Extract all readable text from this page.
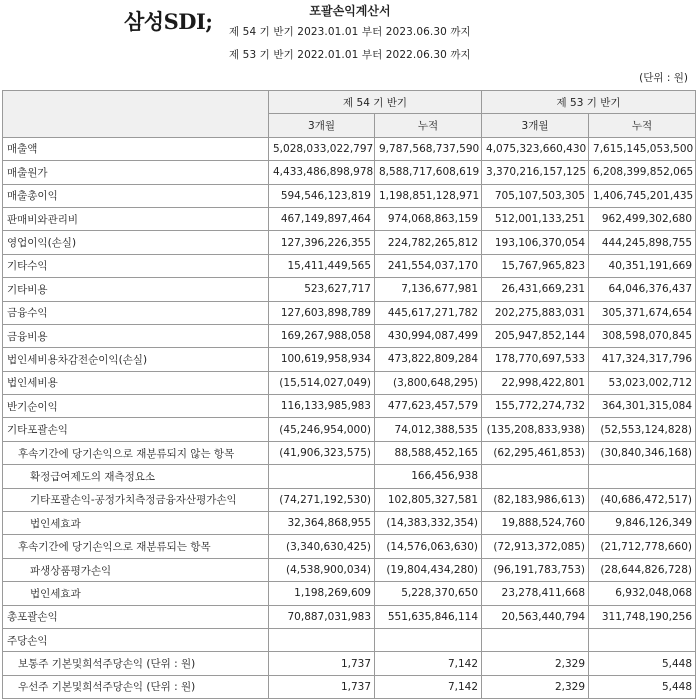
삼성SDI;	포괄손익계산서
제 54 기 반기 2023.01.01 부터 2023.06.30 까지
제 53 기 반기 2022.01.01 부터 2022.06.30 까지
(단위 : 원)
	제 54 기 반기		제 53 기 반기	
	3개월	누적	3개월	누적
매출액	5,028,033,022,797	9,787,568,737,590	4,075,323,660,430	7,615,145,053,500
매출원가	4,433,486,898,978	8,588,717,608,619	3,370,216,157,125	6,208,399,852,065
매출총이익	594,546,123,819	1,198,851,128,971	705,107,503,305	1,406,745,201,435
판매비와관리비	467,149,897,464	974,068,863,159	512,001,133,251	962,499,302,680
영업이익(손실)	127,396,226,355	224,782,265,812	193,106,370,054	444,245,898,755
기타수익	15,411,449,565	241,554,037,170	15,767,965,823	40,351,191,669
기타비용	523,627,717	7,136,677,981	26,431,669,231	64,046,376,437
금융수익	127,603,898,789	445,617,271,782	202,275,883,031	305,371,674,654
금융비용	169,267,988,058	430,994,087,499	205,947,852,144	308,598,070,845
법인세비용차감전순이익(손실)	100,619,958,934	473,822,809,284	178,770,697,533	417,324,317,796
법인세비용	(15,514,027,049)	(3,800,648,295)	22,998,422,801	53,023,002,712
반기순이익	116,133,985,983	477,623,457,579	155,772,274,732	364,301,315,084
기타포괄손익	(45,246,954,000)	74,012,388,535	(135,208,833,938)	(52,553,124,828)
후속기간에 당기손익으로 재분류되지 않는 항목	(41,906,323,575)	88,588,452,165	(62,295,461,853)	(30,840,346,168)
확정급여제도의 재측정요소		166,456,938		
기타포괄손익-공정가치측정금융자산평가손익	(74,271,192,530)	102,805,327,581	(82,183,986,613)	(40,686,472,517)
법인세효과	32,364,868,955	(14,383,332,354)	19,888,524,760	9,846,126,349
후속기간에 당기손익으로 재분류되는 항목	(3,340,630,425)	(14,576,063,630)	(72,913,372,085)	(21,712,778,660)
파생상품평가손익	(4,538,900,034)	(19,804,434,280)	(96,191,783,753)	(28,644,826,728)
법인세효과	1,198,269,609	5,228,370,650	23,278,411,668	6,932,048,068
총포괄손익	70,887,031,983	551,635,846,114	20,563,440,794	311,748,190,256
주당손익				
보통주 기본및희석주당손익 (단위 : 원)	1,737	7,142	2,329	5,448
우선주 기본및희석주당손익 (단위 : 원)	1,737	7,142	2,329	5,448
